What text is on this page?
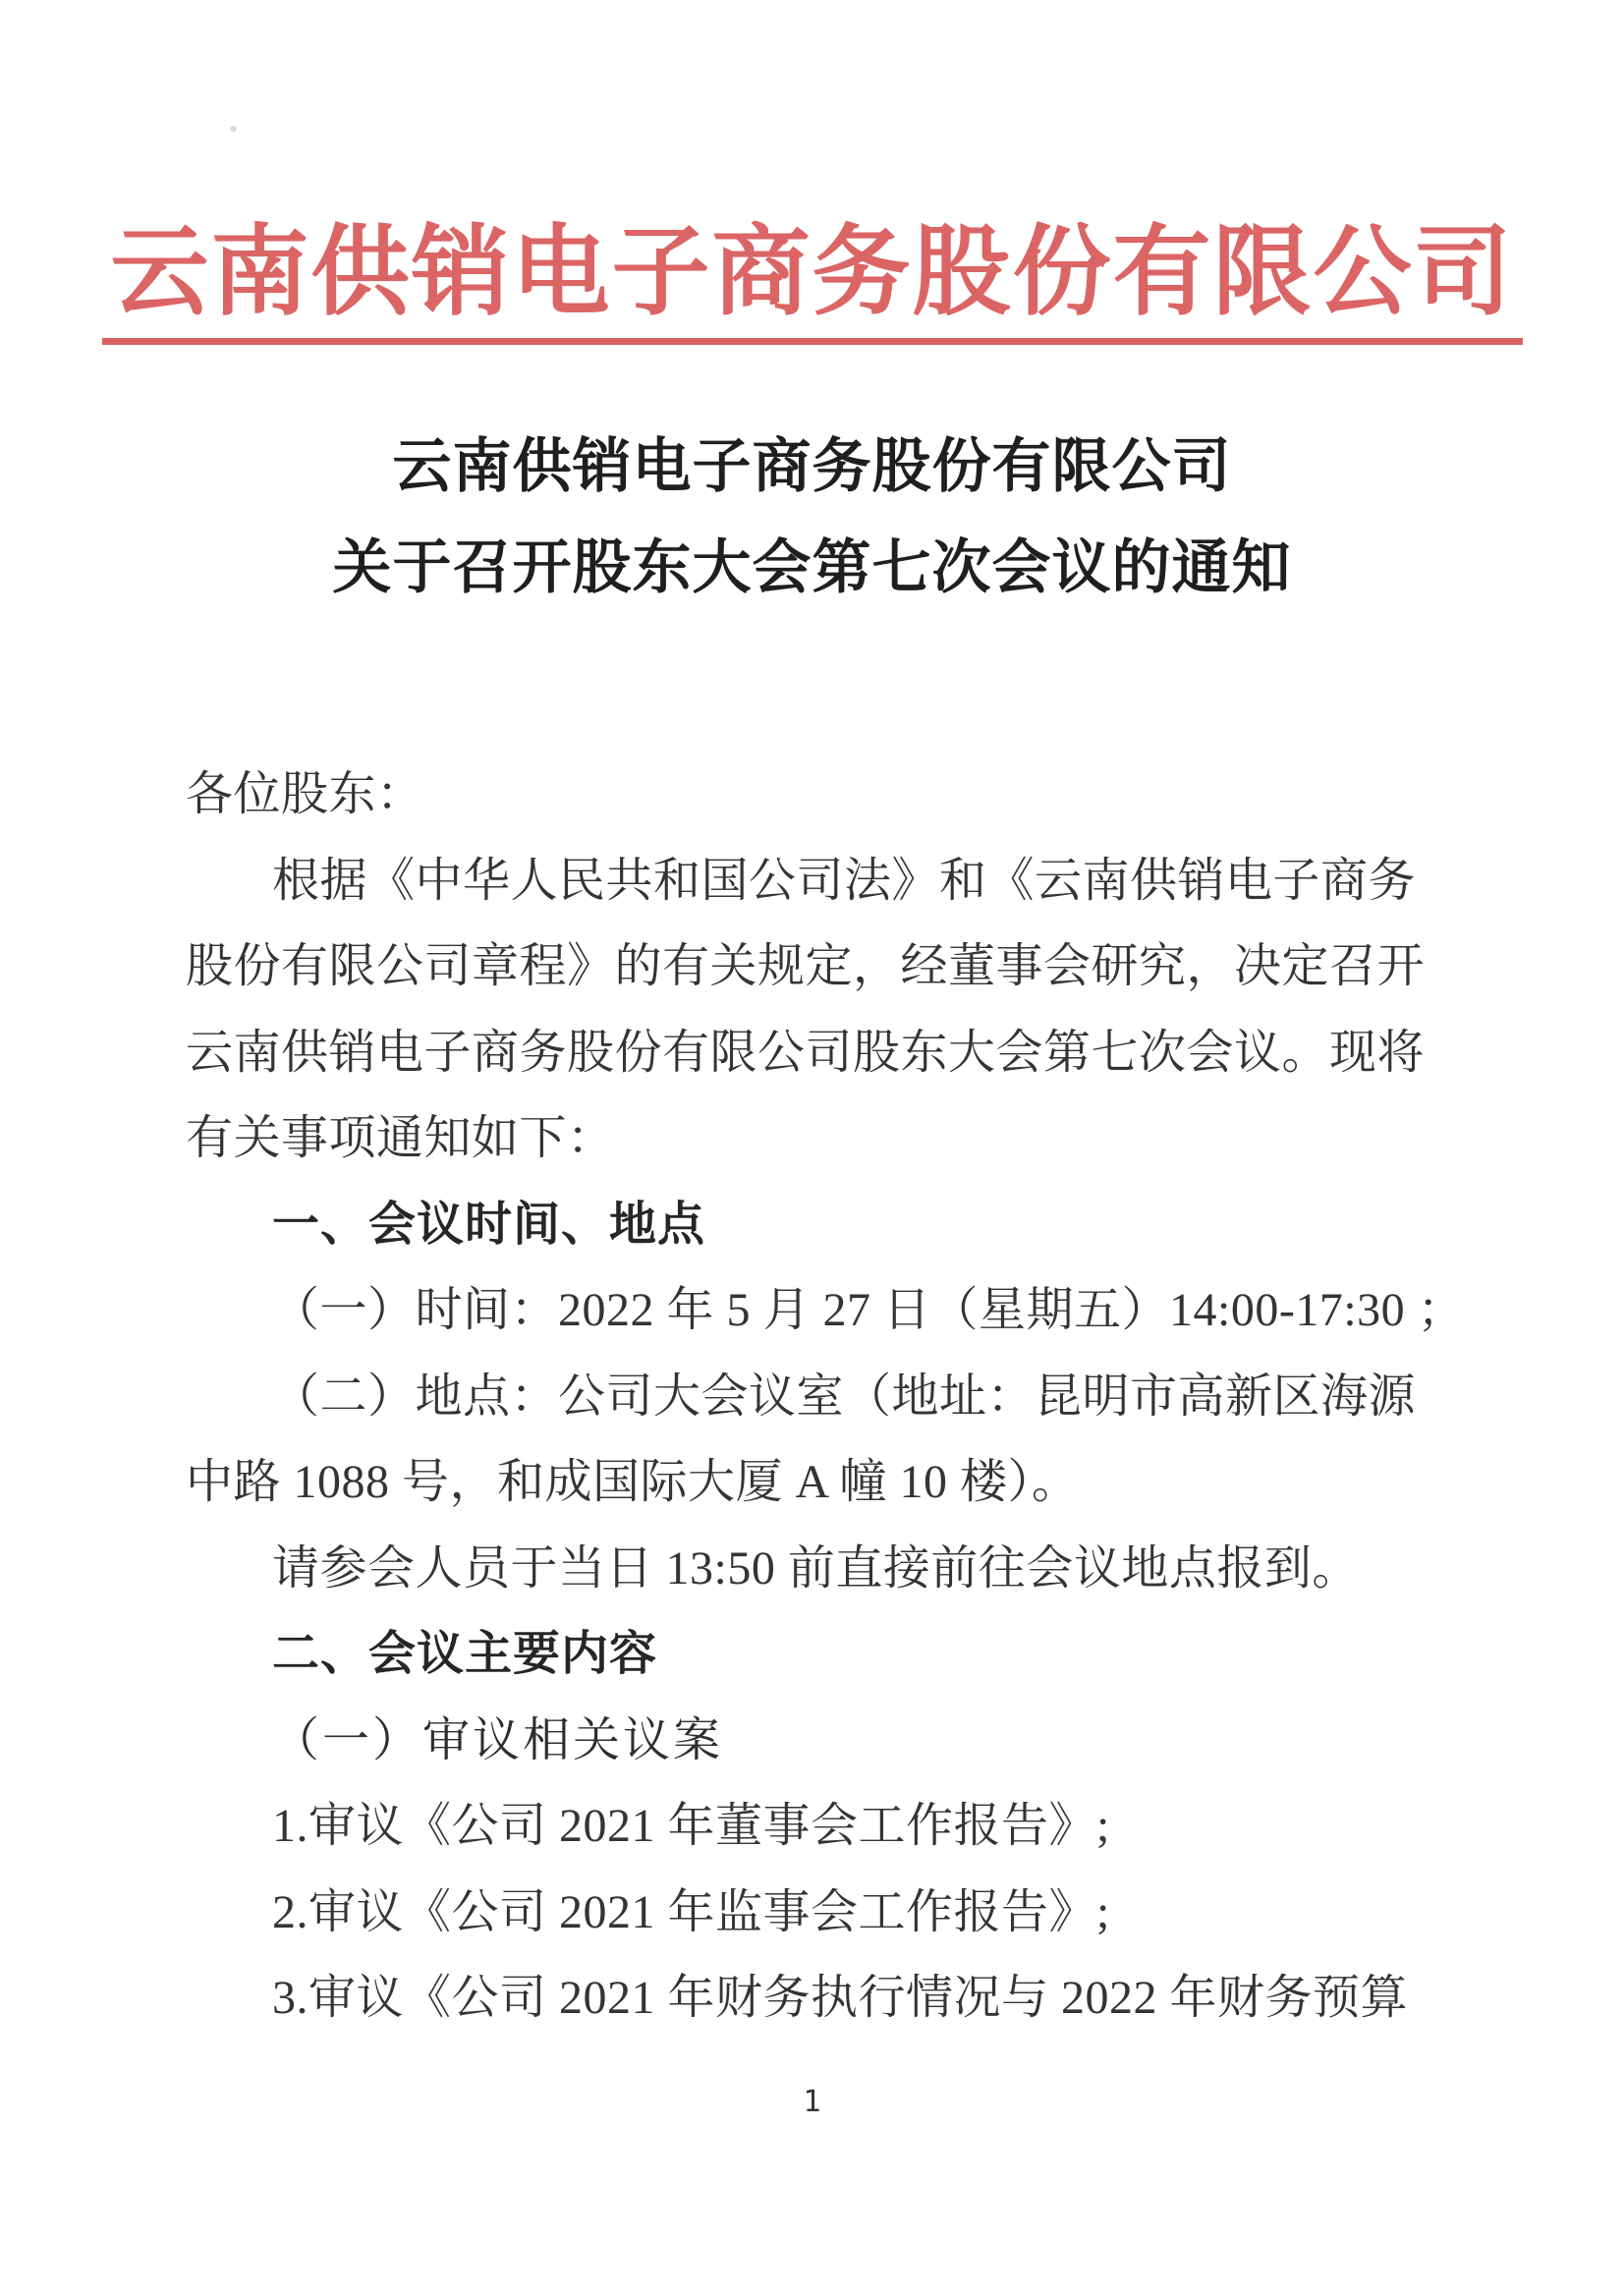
云南供销电子商务股份有限公司
云南供销电子商务股份有限公司
关于召开股东大会第七次会议的通知
各位股东：
根据《中华人民共和国公司法》和《云南供销电子商务
股份有限公司章程》的有关规定，经董事会研究，决定召开
云南供销电子商务股份有限公司股东大会第七次会议。现将
有关事项通知如下：
一、会议时间、地点
（一）时间：2022 年 5 月 27 日（星期五）14:00-17:30 ；
（二）地点：公司大会议室（地址：昆明市高新区海源
中路 1088 号，和成国际大厦 A 幢 10 楼）。
请参会人员于当日 13:50 前直接前往会议地点报到。
二、会议主要内容
（一）审议相关议案
1.审议《公司 2021 年董事会工作报告》;
2.审议《公司 2021 年监事会工作报告》;
3.审议《公司 2021 年财务执行情况与 2022 年财务预算
1
